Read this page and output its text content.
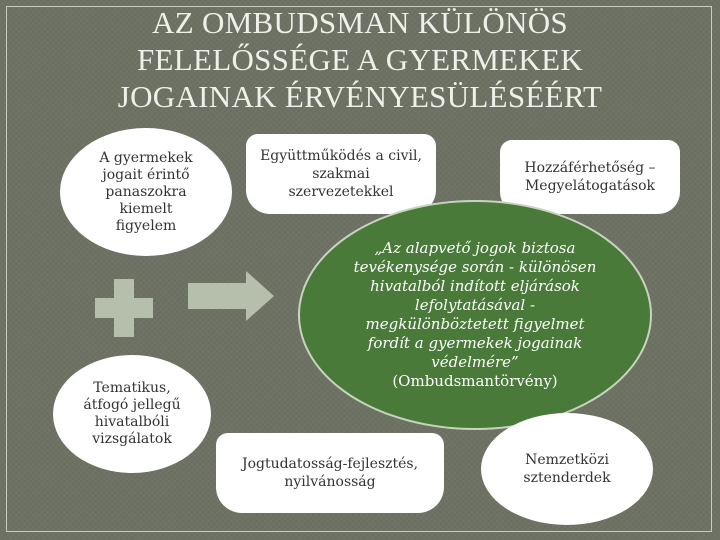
AZ OMBUDSMAN KÜLÖNÖS
FELELŐSSÉGE A GYERMEKEK
JOGAINAK ÉRVÉNYESÜLÉSÉÉRT
A gyermekek jogait érintő panaszokra kiemelt figyelem
Tematikus, átfogó jellegű hivatalbóli vizsgálatok
Együttműködés a civil, szakmai szervezetekkel
Hozzáférhetőség – Megyelátogatások
„Az alapvető jogok biztosa tevékenysége során - különösen hivatalból indított eljárások lefolytatásával - megkülönböztetett figyelmet fordít a gyermekek jogainak védelmére”
(Ombudsmantörvény)
Jogtudatosság-fejlesztés, nyilvánosság
Nemzetközi sztenderdek
